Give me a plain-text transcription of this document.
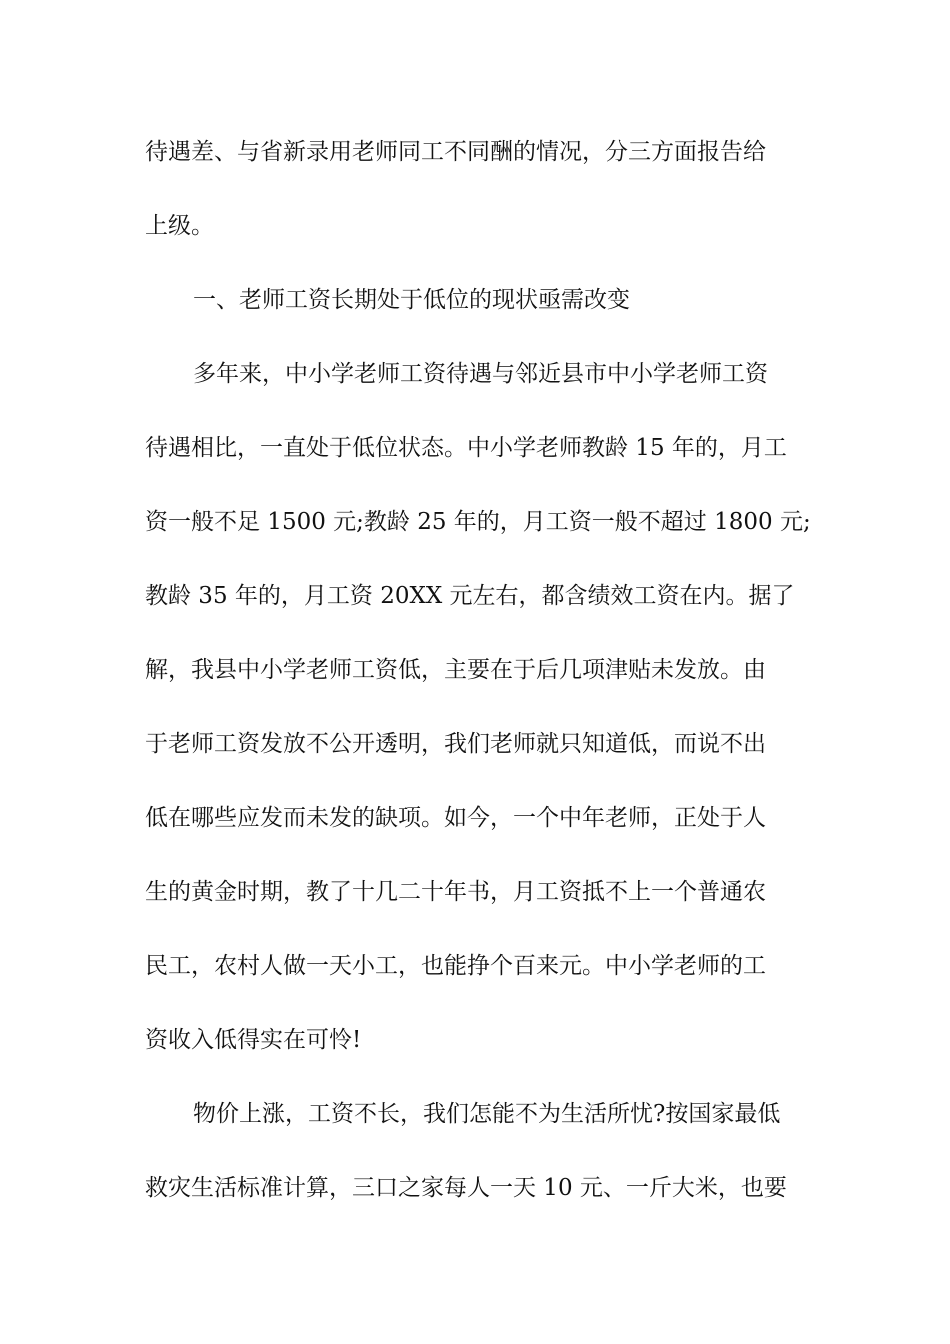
待遇差、与省新录用老师同工不同酬的情况，分三方面报告给
上级。
一、老师工资长期处于低位的现状亟需改变
多年来，中小学老师工资待遇与邻近县市中小学老师工资
待遇相比，一直处于低位状态。中小学老师教龄 15 年的，月工
资一般不足 1500 元;教龄 25 年的，月工资一般不超过 1800 元;
教龄 35 年的，月工资 20XX 元左右，都含绩效工资在内。据了
解，我县中小学老师工资低，主要在于后几项津贴未发放。由
于老师工资发放不公开透明，我们老师就只知道低，而说不出
低在哪些应发而未发的缺项。如今，一个中年老师，正处于人
生的黄金时期，教了十几二十年书，月工资抵不上一个普通农
民工，农村人做一天小工，也能挣个百来元。中小学老师的工
资收入低得实在可怜!
物价上涨，工资不长，我们怎能不为生活所忧?按国家最低
救灾生活标准计算，三口之家每人一天 10 元、一斤大米，也要
